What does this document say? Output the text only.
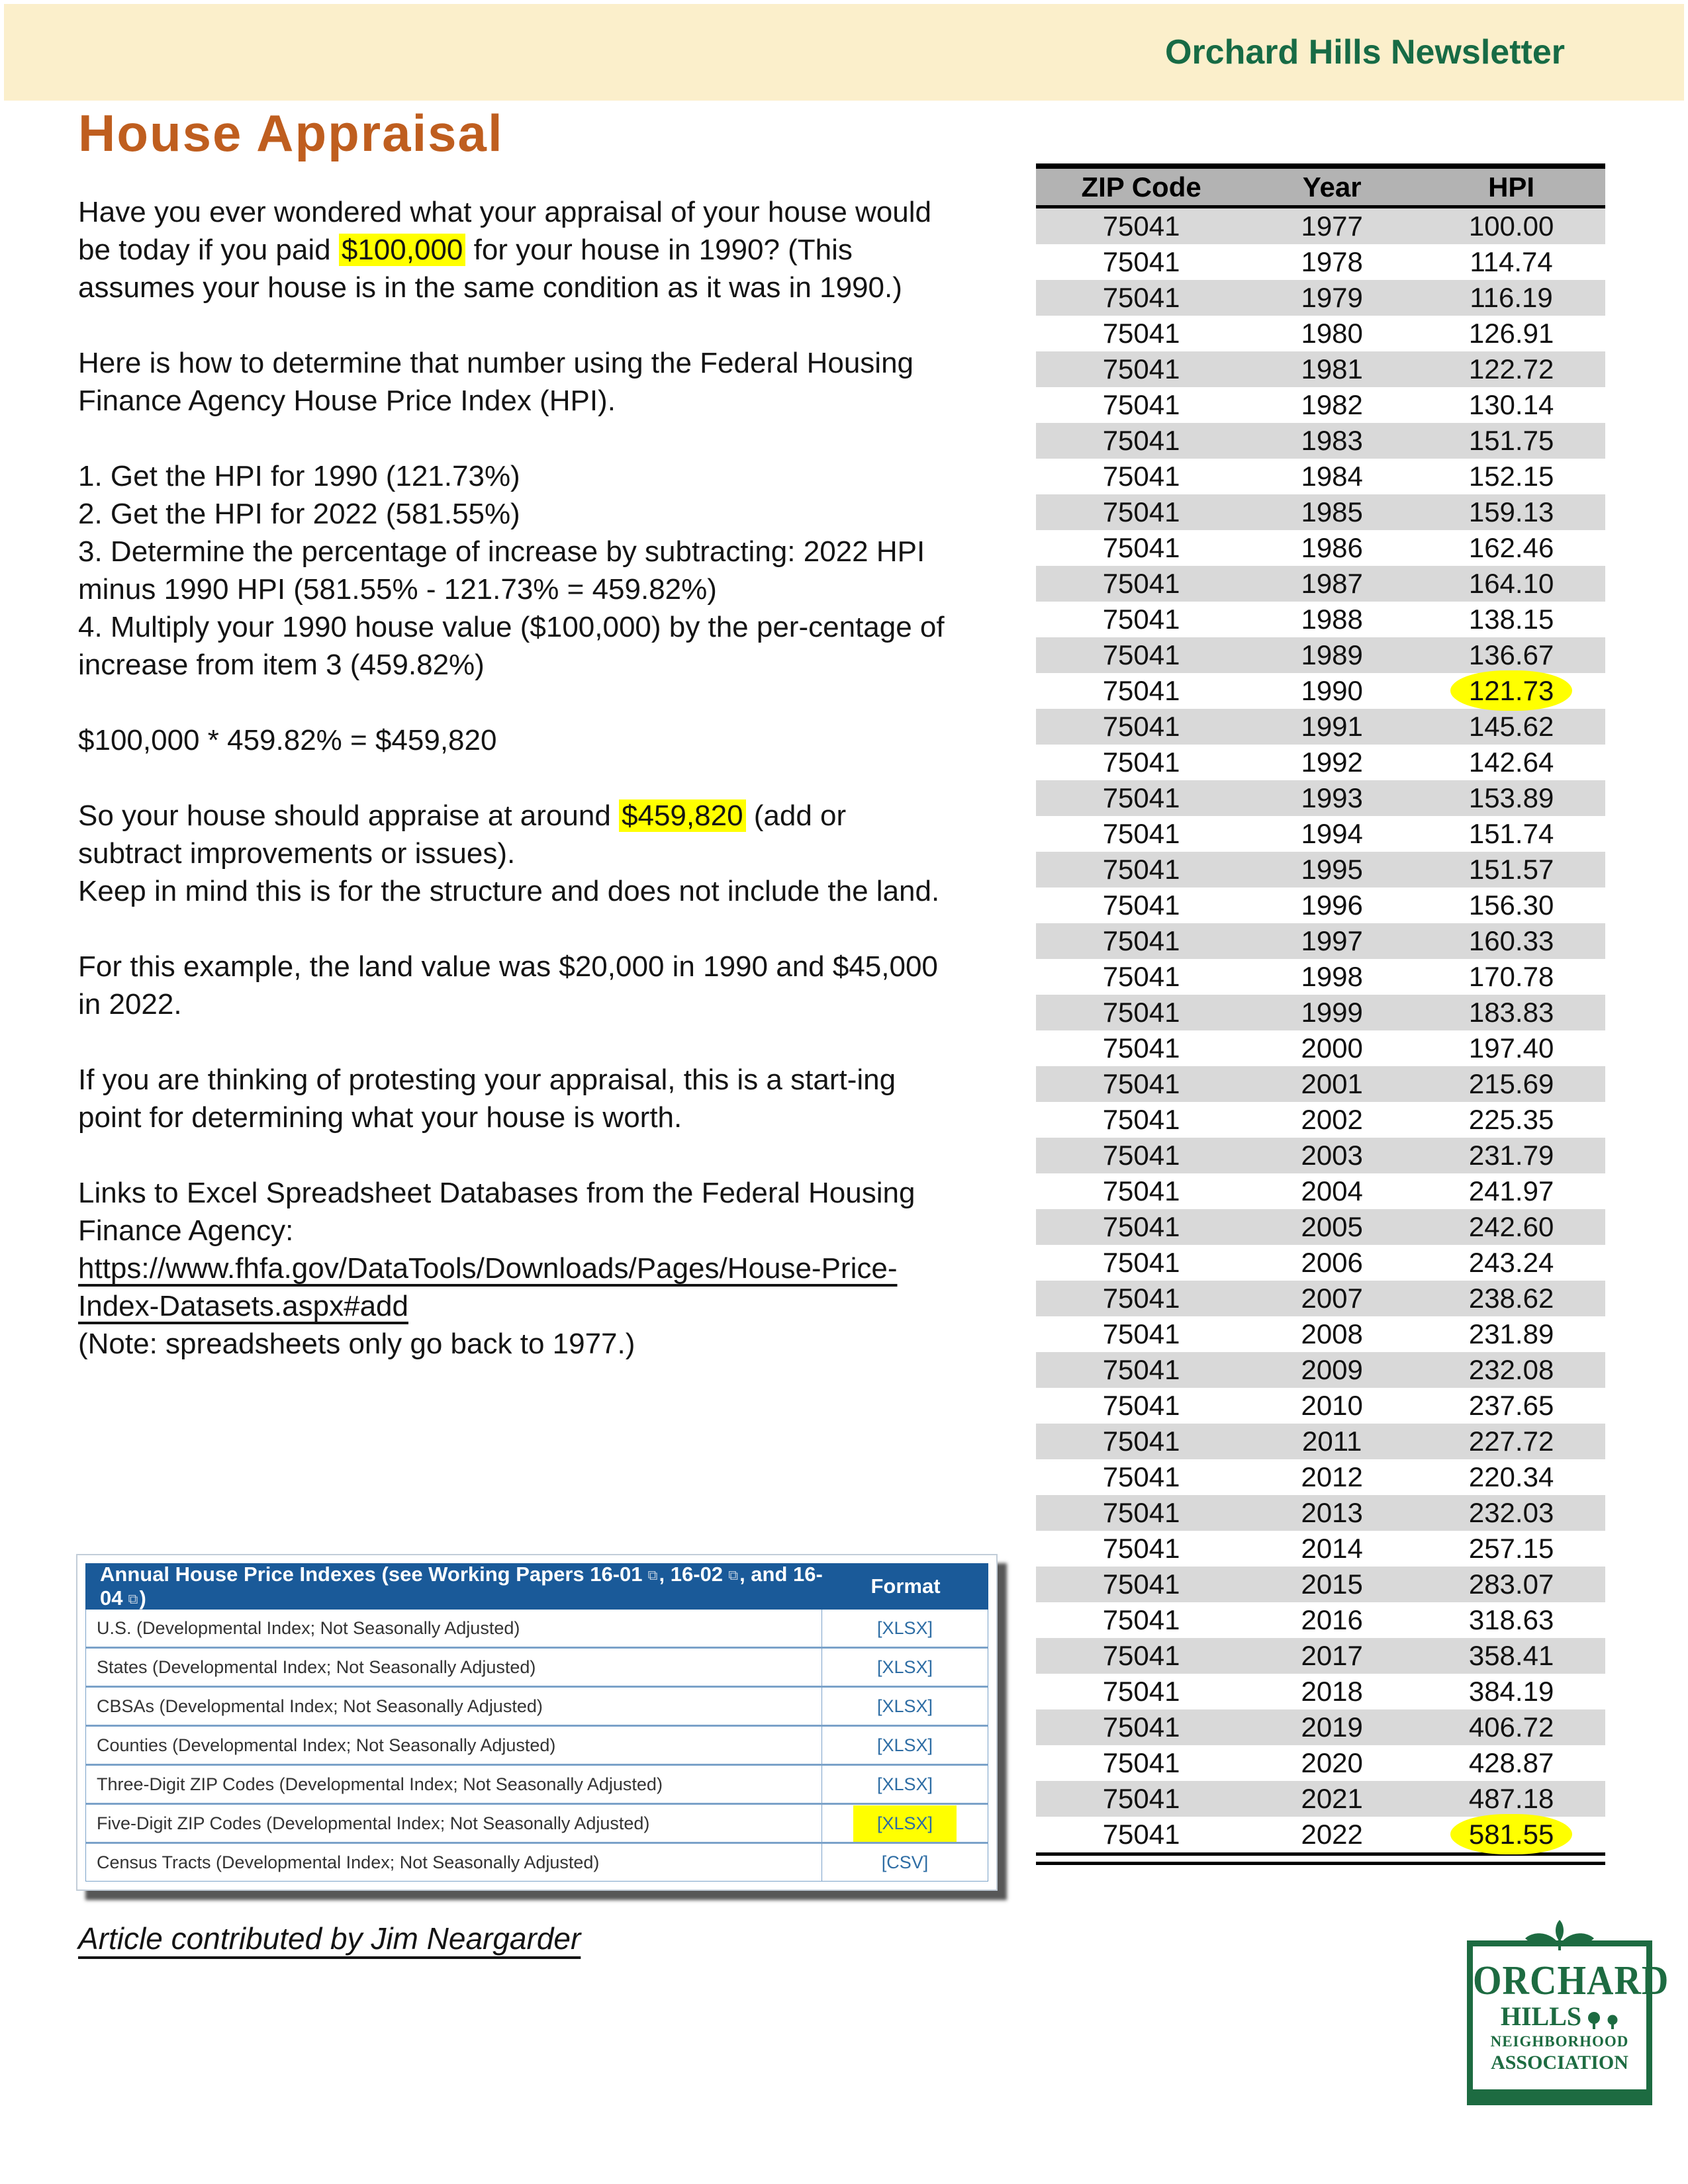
Orchard Hills Newsletter
House Appraisal

Have you ever wondered what your appraisal of your house would be today if you paid $100,000 for your house in 1990? (This assumes your house is in the same condition as it was in 1990.)

Here is how to determine that number using the Federal Housing Finance Agency House Price Index (HPI).

1. Get the HPI for 1990 (121.73%)
2. Get the HPI for 2022 (581.55%)
3. Determine the percentage of increase by subtracting: 2022 HPI minus 1990 HPI (581.55% - 121.73% = 459.82%)
4. Multiply your 1990 house value ($100,000) by the per-centage of increase from item 3 (459.82%)

$100,000 * 459.82% = $459,820

So your house should appraise at around $459,820 (add or subtract improvements or issues).
Keep in mind this is for the structure and does not include the land.

For this example, the land value was $20,000 in 1990 and $45,000 in 2022.

If you are thinking of protesting your appraisal, this is a start-ing point for determining what your house is worth.

Links to Excel Spreadsheet Databases from the Federal Housing Finance Agency:
https://www.fhfa.gov/DataTools/Downloads/Pages/House-Price-Index-Datasets.aspx#add
(Note: spreadsheets only go back to 1977.)

ZIP Code	Year	HPI
75041	1977	100.00
75041	1978	114.74
75041	1979	116.19
75041	1980	126.91
75041	1981	122.72
75041	1982	130.14
75041	1983	151.75
75041	1984	152.15
75041	1985	159.13
75041	1986	162.46
75041	1987	164.10
75041	1988	138.15
75041	1989	136.67
75041	1990	121.73
75041	1991	145.62
75041	1992	142.64
75041	1993	153.89
75041	1994	151.74
75041	1995	151.57
75041	1996	156.30
75041	1997	160.33
75041	1998	170.78
75041	1999	183.83
75041	2000	197.40
75041	2001	215.69
75041	2002	225.35
75041	2003	231.79
75041	2004	241.97
75041	2005	242.60
75041	2006	243.24
75041	2007	238.62
75041	2008	231.89
75041	2009	232.08
75041	2010	237.65
75041	2011	227.72
75041	2012	220.34
75041	2013	232.03
75041	2014	257.15
75041	2015	283.07
75041	2016	318.63
75041	2017	358.41
75041	2018	384.19
75041	2019	406.72
75041	2020	428.87
75041	2021	487.18
75041	2022	581.55
Annual House Price Indexes (see Working Papers 16-01 ⧉, 16-02 ⧉, and 16-04 ⧉)
Format
U.S. (Developmental Index; Not Seasonally Adjusted)	[XLSX]
States (Developmental Index; Not Seasonally Adjusted)	[XLSX]
CBSAs (Developmental Index; Not Seasonally Adjusted)	[XLSX]
Counties (Developmental Index; Not Seasonally Adjusted)	[XLSX]
Three-Digit ZIP Codes (Developmental Index; Not Seasonally Adjusted)	[XLSX]
Five-Digit ZIP Codes (Developmental Index; Not Seasonally Adjusted)	[XLSX]
Census Tracts (Developmental Index; Not Seasonally Adjusted)	[CSV]
Article contributed by Jim Neargarder
ORCHARD
HILLS
NEIGHBORHOOD
ASSOCIATION
